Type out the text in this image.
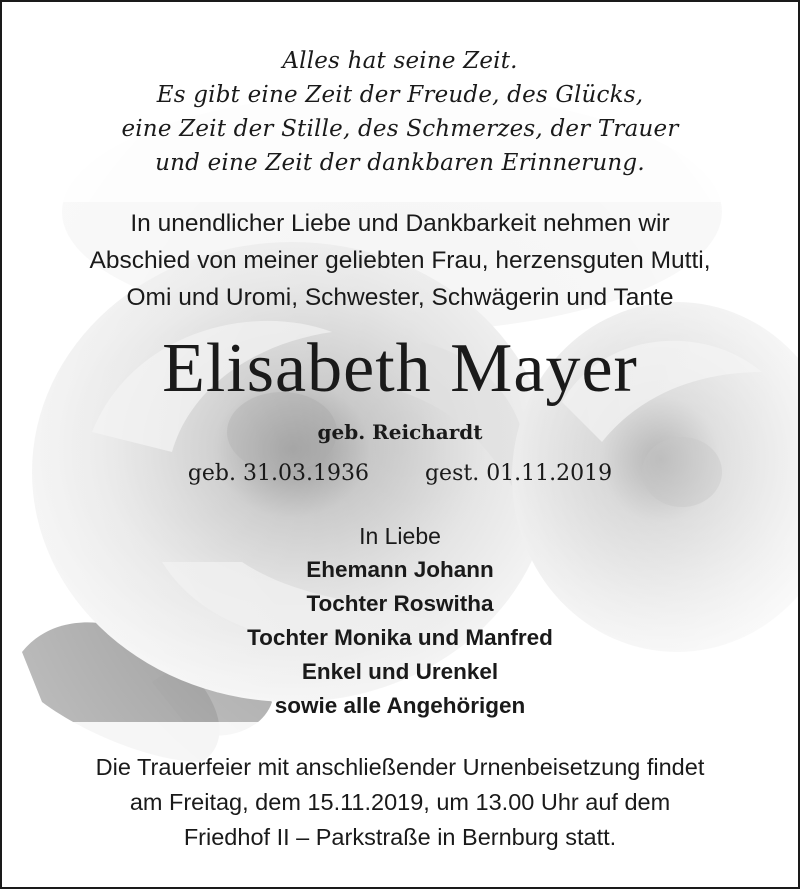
Alles hat seine Zeit.
Es gibt eine Zeit der Freude, des Glücks,
eine Zeit der Stille, des Schmerzes, der Trauer
und eine Zeit der dankbaren Erinnerung.
In unendlicher Liebe und Dankbarkeit nehmen wir
Abschied von meiner geliebten Frau, herzensguten Mutti,
Omi und Uromi, Schwester, Schwägerin und Tante
Elisabeth Mayer
geb. Reichardt
geb. 31.03.1936	gest. 01.11.2019
In Liebe
Ehemann Johann
Tochter Roswitha
Tochter Monika und Manfred
Enkel und Urenkel
sowie alle Angehörigen
Die Trauerfeier mit anschließender Urnenbeisetzung findet
am Freitag, dem 15.11.2019, um 13.00 Uhr auf dem
Friedhof II – Parkstraße in Bernburg statt.
